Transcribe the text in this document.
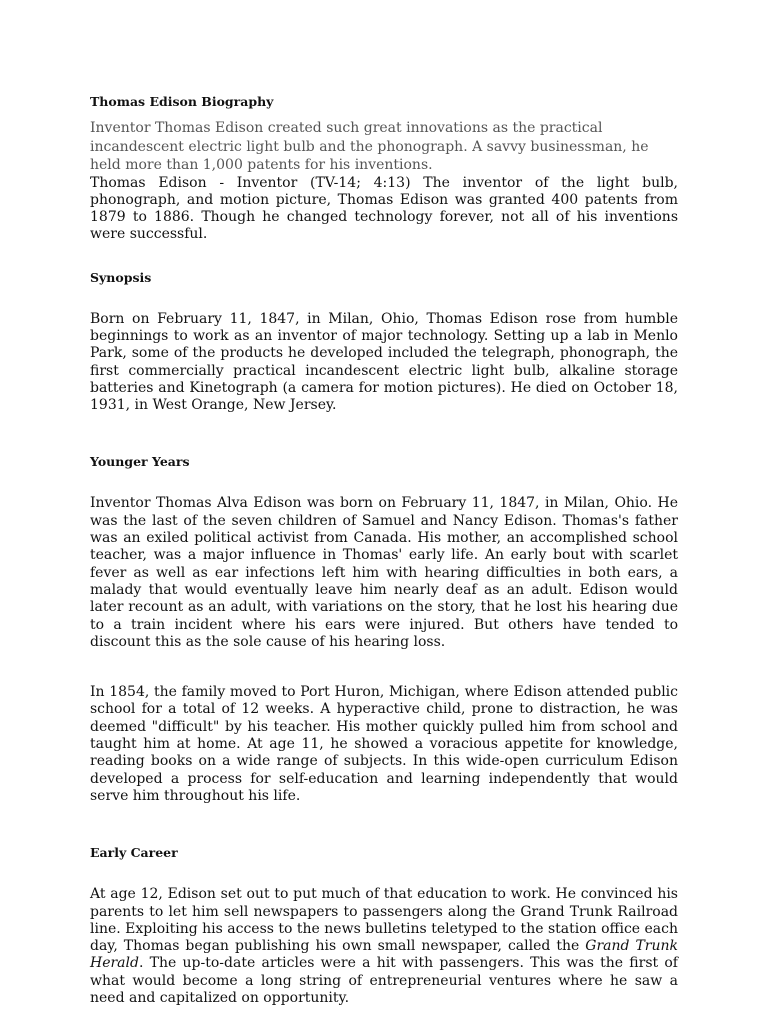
Thomas Edison Biography

Inventor Thomas Edison created such great innovations as the practical incandescent electric light bulb and the phonograph. A savvy businessman, he held more than 1,000 patents for his inventions.

Thomas Edison - Inventor (TV-14; 4:13) The inventor of the light bulb, phonograph, and motion picture, Thomas Edison was granted 400 patents from 1879 to 1886. Though he changed technology forever, not all of his inventions were successful.

Synopsis

Born on February 11, 1847, in Milan, Ohio, Thomas Edison rose from humble beginnings to work as an inventor of major technology. Setting up a lab in Menlo Park, some of the products he developed included the telegraph, phonograph, the first commercially practical incandescent electric light bulb, alkaline storage batteries and Kinetograph (a camera for motion pictures). He died on October 18, 1931, in West Orange, New Jersey.

Younger Years

Inventor Thomas Alva Edison was born on February 11, 1847, in Milan, Ohio. He was the last of the seven children of Samuel and Nancy Edison. Thomas's father was an exiled political activist from Canada. His mother, an accomplished school teacher, was a major influence in Thomas' early life. An early bout with scarlet fever as well as ear infections left him with hearing difficulties in both ears, a malady that would eventually leave him nearly deaf as an adult. Edison would later recount as an adult, with variations on the story, that he lost his hearing due to a train incident where his ears were injured. But others have tended to discount this as the sole cause of his hearing loss.

In 1854, the family moved to Port Huron, Michigan, where Edison attended public school for a total of 12 weeks. A hyperactive child, prone to distraction, he was deemed "difficult" by his teacher. His mother quickly pulled him from school and taught him at home. At age 11, he showed a voracious appetite for knowledge, reading books on a wide range of subjects. In this wide-open curriculum Edison developed a process for self-education and learning independently that would serve him throughout his life.

Early Career

At age 12, Edison set out to put much of that education to work. He convinced his parents to let him sell newspapers to passengers along the Grand Trunk Railroad line. Exploiting his access to the news bulletins teletyped to the station office each day, Thomas began publishing his own small newspaper, called the Grand Trunk Herald. The up-to-date articles were a hit with passengers. This was the first of what would become a long string of entrepreneurial ventures where he saw a need and capitalized on opportunity.
